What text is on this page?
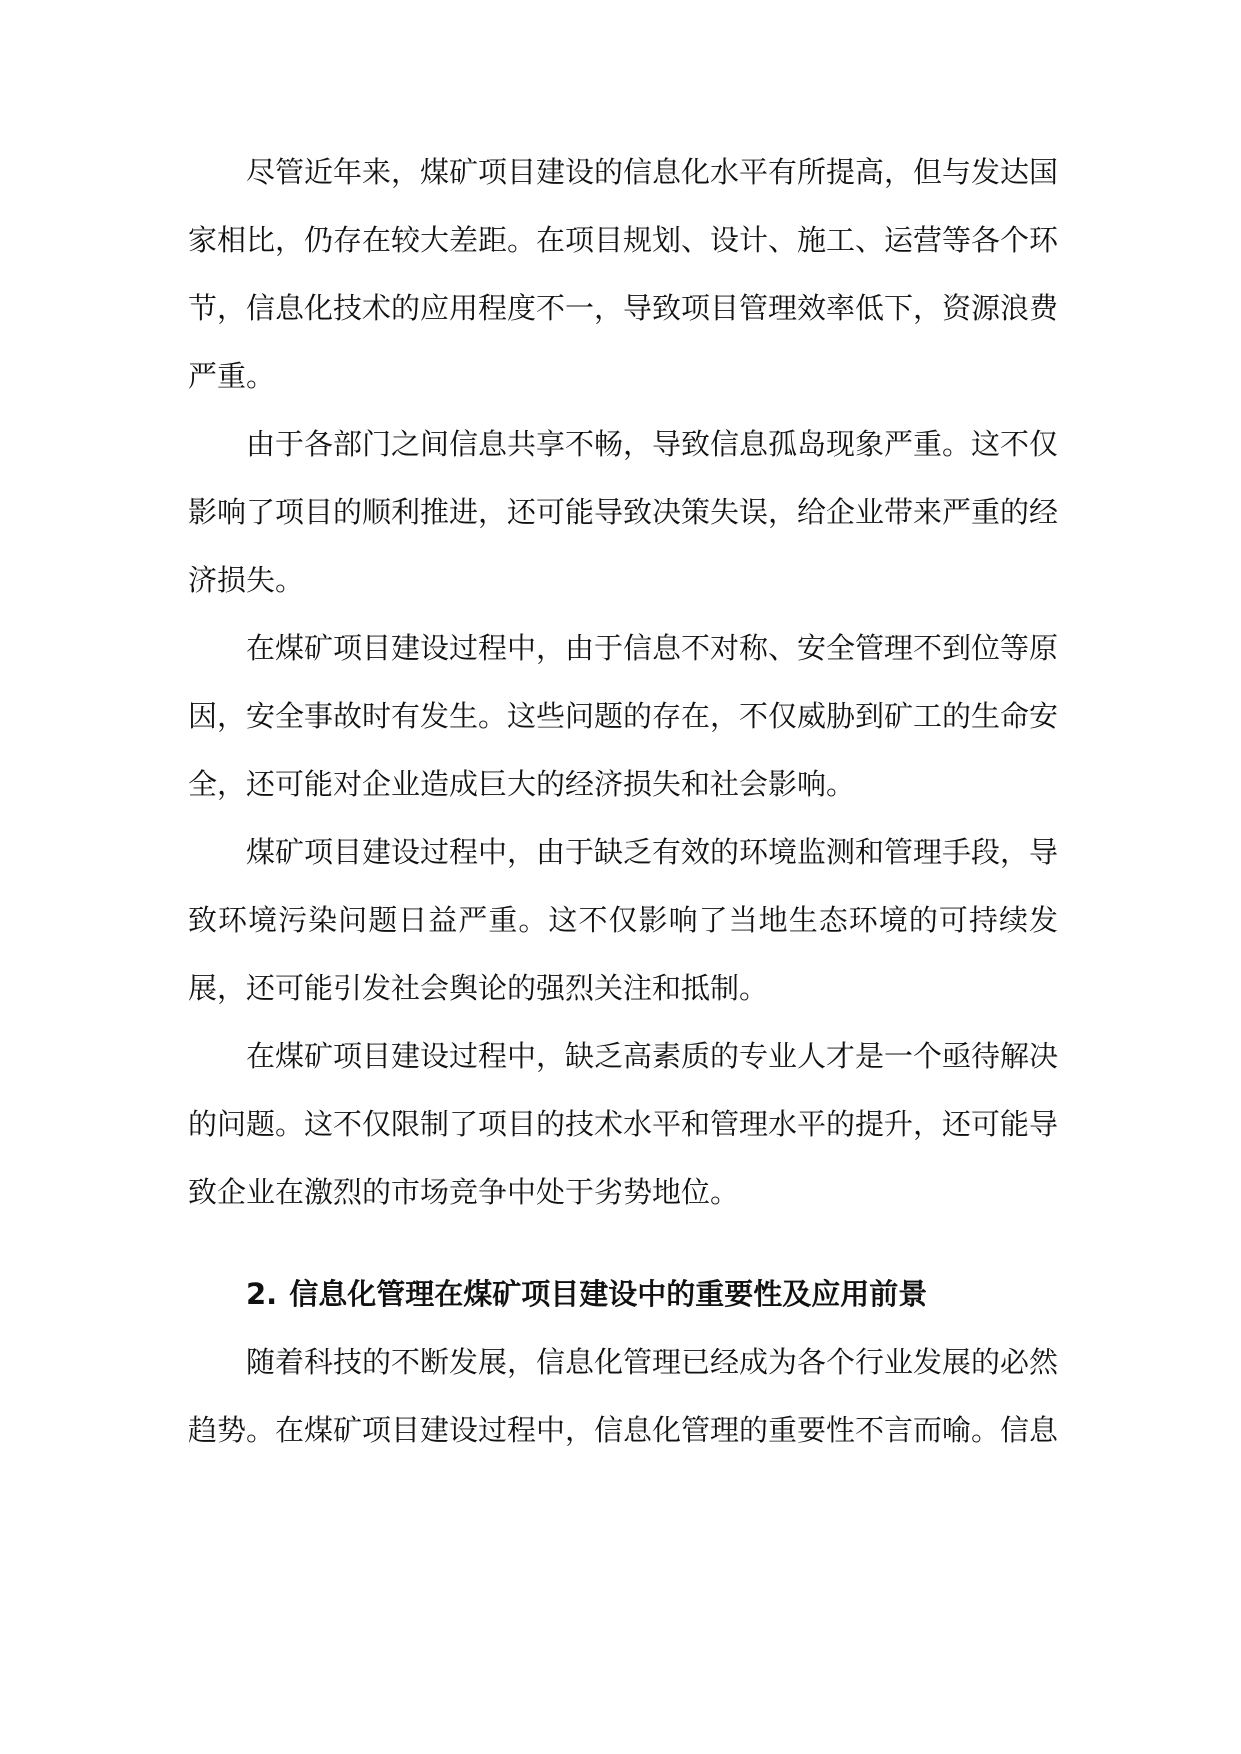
尽管近年来，煤矿项目建设的信息化水平有所提高，但与发达国家相比，仍存在较大差距。在项目规划、设计、施工、运营等各个环节，信息化技术的应用程度不一，导致项目管理效率低下，资源浪费严重。

由于各部门之间信息共享不畅，导致信息孤岛现象严重。这不仅影响了项目的顺利推进，还可能导致决策失误，给企业带来严重的经济损失。

在煤矿项目建设过程中，由于信息不对称、安全管理不到位等原因，安全事故时有发生。这些问题的存在，不仅威胁到矿工的生命安全，还可能对企业造成巨大的经济损失和社会影响。

煤矿项目建设过程中，由于缺乏有效的环境监测和管理手段，导致环境污染问题日益严重。这不仅影响了当地生态环境的可持续发展，还可能引发社会舆论的强烈关注和抵制。

在煤矿项目建设过程中，缺乏高素质的专业人才是一个亟待解决的问题。这不仅限制了项目的技术水平和管理水平的提升，还可能导致企业在激烈的市场竞争中处于劣势地位。

2. 信息化管理在煤矿项目建设中的重要性及应用前景

随着科技的不断发展，信息化管理已经成为各个行业发展的必然趋势。在煤矿项目建设过程中，信息化管理的重要性不言而喻。信息
